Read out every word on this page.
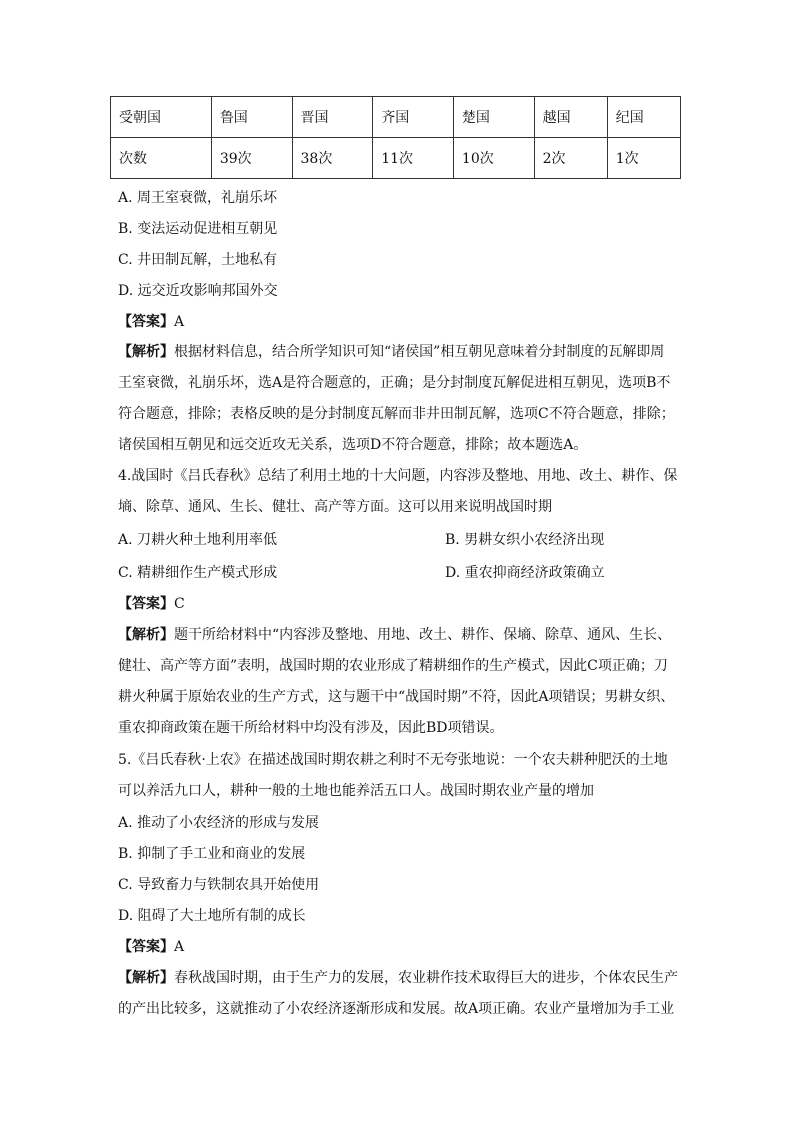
受朝国	鲁国	晋国	齐国	楚国	越国	纪国
次数	39次	38次	11次	10次	2次	1次
A. 周王室衰微，礼崩乐坏
B. 变法运动促进相互朝见
C. 井田制瓦解，土地私有
D. 远交近攻影响邦国外交
【答案】A
【解析】根据材料信息，结合所学知识可知“诸侯国”相互朝见意味着分封制度的瓦解即周
王室衰微，礼崩乐坏，选A是符合题意的，正确；是分封制度瓦解促进相互朝见，选项B不
符合题意，排除；表格反映的是分封制度瓦解而非井田制瓦解，选项C不符合题意，排除；
诸侯国相互朝见和远交近攻无关系，选项D不符合题意，排除；故本题选A。
4.战国时《吕氏春秋》总结了利用土地的十大问题，内容涉及整地、用地、改土、耕作、保
墒、除草、通风、生长、健壮、高产等方面。这可以用来说明战国时期
A. 刀耕火种土地利用率低	B. 男耕女织小农经济出现
C. 精耕细作生产模式形成	D. 重农抑商经济政策确立
【答案】C
【解析】题干所给材料中“内容涉及整地、用地、改土、耕作、保墒、除草、通风、生长、
健壮、高产等方面”表明，战国时期的农业形成了精耕细作的生产模式，因此C项正确；刀
耕火种属于原始农业的生产方式，这与题干中“战国时期”不符，因此A项错误；男耕女织、
重农抑商政策在题干所给材料中均没有涉及，因此BD项错误。
5.《吕氏春秋·上农》在描述战国时期农耕之利时不无夸张地说：一个农夫耕种肥沃的土地
可以养活九口人，耕种一般的土地也能养活五口人。战国时期农业产量的增加
A. 推动了小农经济的形成与发展
B. 抑制了手工业和商业的发展
C. 导致畜力与铁制农具开始使用
D. 阻碍了大土地所有制的成长
【答案】A
【解析】春秋战国时期，由于生产力的发展，农业耕作技术取得巨大的进步，个体农民生产
的产出比较多，这就推动了小农经济逐渐形成和发展。故A项正确。农业产量增加为手工业
